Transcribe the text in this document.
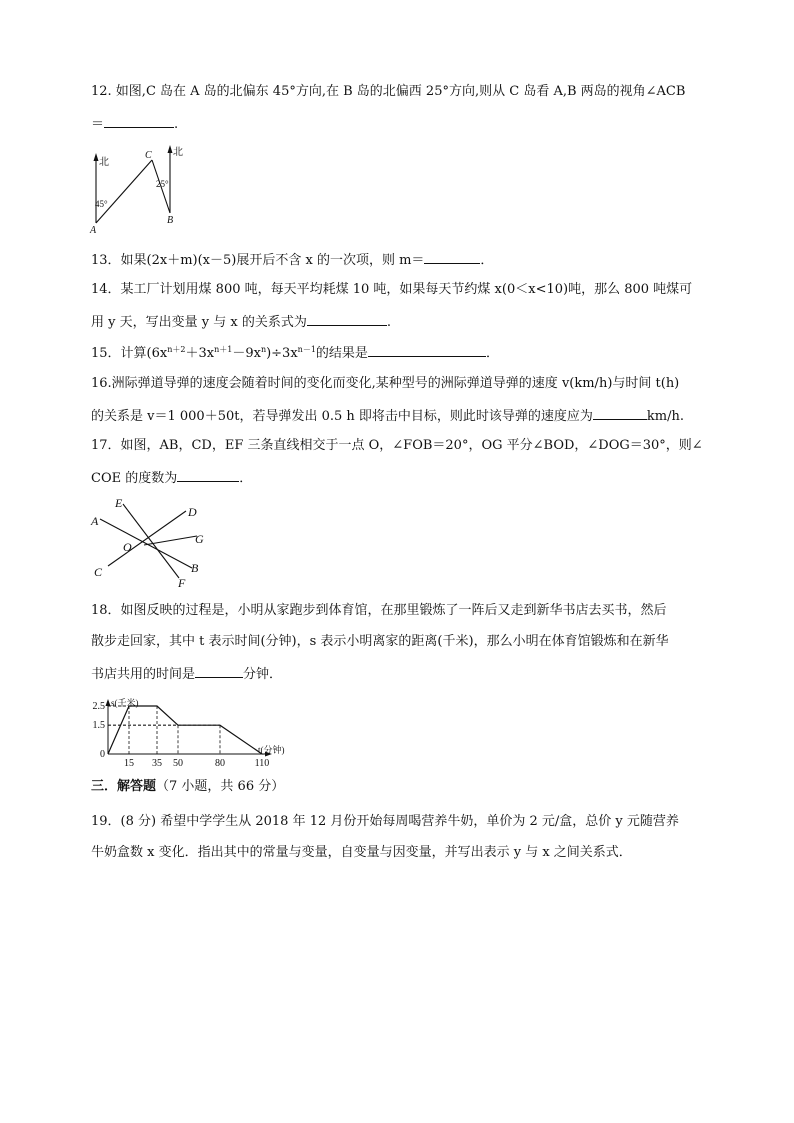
12. 如图,C 岛在 A 岛的北偏东 45°方向,在 B 岛的北偏西 25°方向,则从 C 岛看 A,B 两岛的视角∠ACB
＝	.
北
北
45°
25°
A
B
C
13．如果(2x＋m)(x－5)展开后不含 x 的一次项，则 m＝	．
14．某工厂计划用煤 800 吨，每天平均耗煤 10 吨，如果每天节约煤 x(0＜x<10)吨，那么 800 吨煤可
用 y 天，写出变量 y 与 x 的关系式为	.
15．计算$(6x^{n+2}+3x^{n+1}-9x^n)\div 3x^{n-1}$的结果是	．
16.洲际弹道导弹的速度会随着时间的变化而变化,某种型号的洲际弹道导弹的速度 v(km/h)与时间 t(h)
的关系是 v＝1 000＋50t，若导弹发出 0.5 h 即将击中目标，则此时该导弹的速度应为	km/h.
17．如图，AB，CD，EF 三条直线相交于一点 O，∠FOB＝20°，OG 平分∠BOD，∠DOG＝30°，则∠
COE 的度数为	．
A
E
D
G
B
F
C
O
18．如图反映的过程是，小明从家跑步到体育馆，在那里锻炼了一阵后又走到新华书店去买书，然后
散步走回家，其中 t 表示时间(分钟)，s 表示小明离家的距离(千米)，那么小明在体育馆锻炼和在新华
书店共用的时间是	分钟．
s(千米)
t(分钟)
2.5
1.5
0
15 35 50	80	110
三．解答题（7 小题，共 66 分）
19．(8 分) 希望中学学生从 2018 年 12 月份开始每周喝营养牛奶，单价为 2 元/盒，总价 y 元随营养
牛奶盒数 x 变化．指出其中的常量与变量，自变量与因变量，并写出表示 y 与 x 之间关系式．
